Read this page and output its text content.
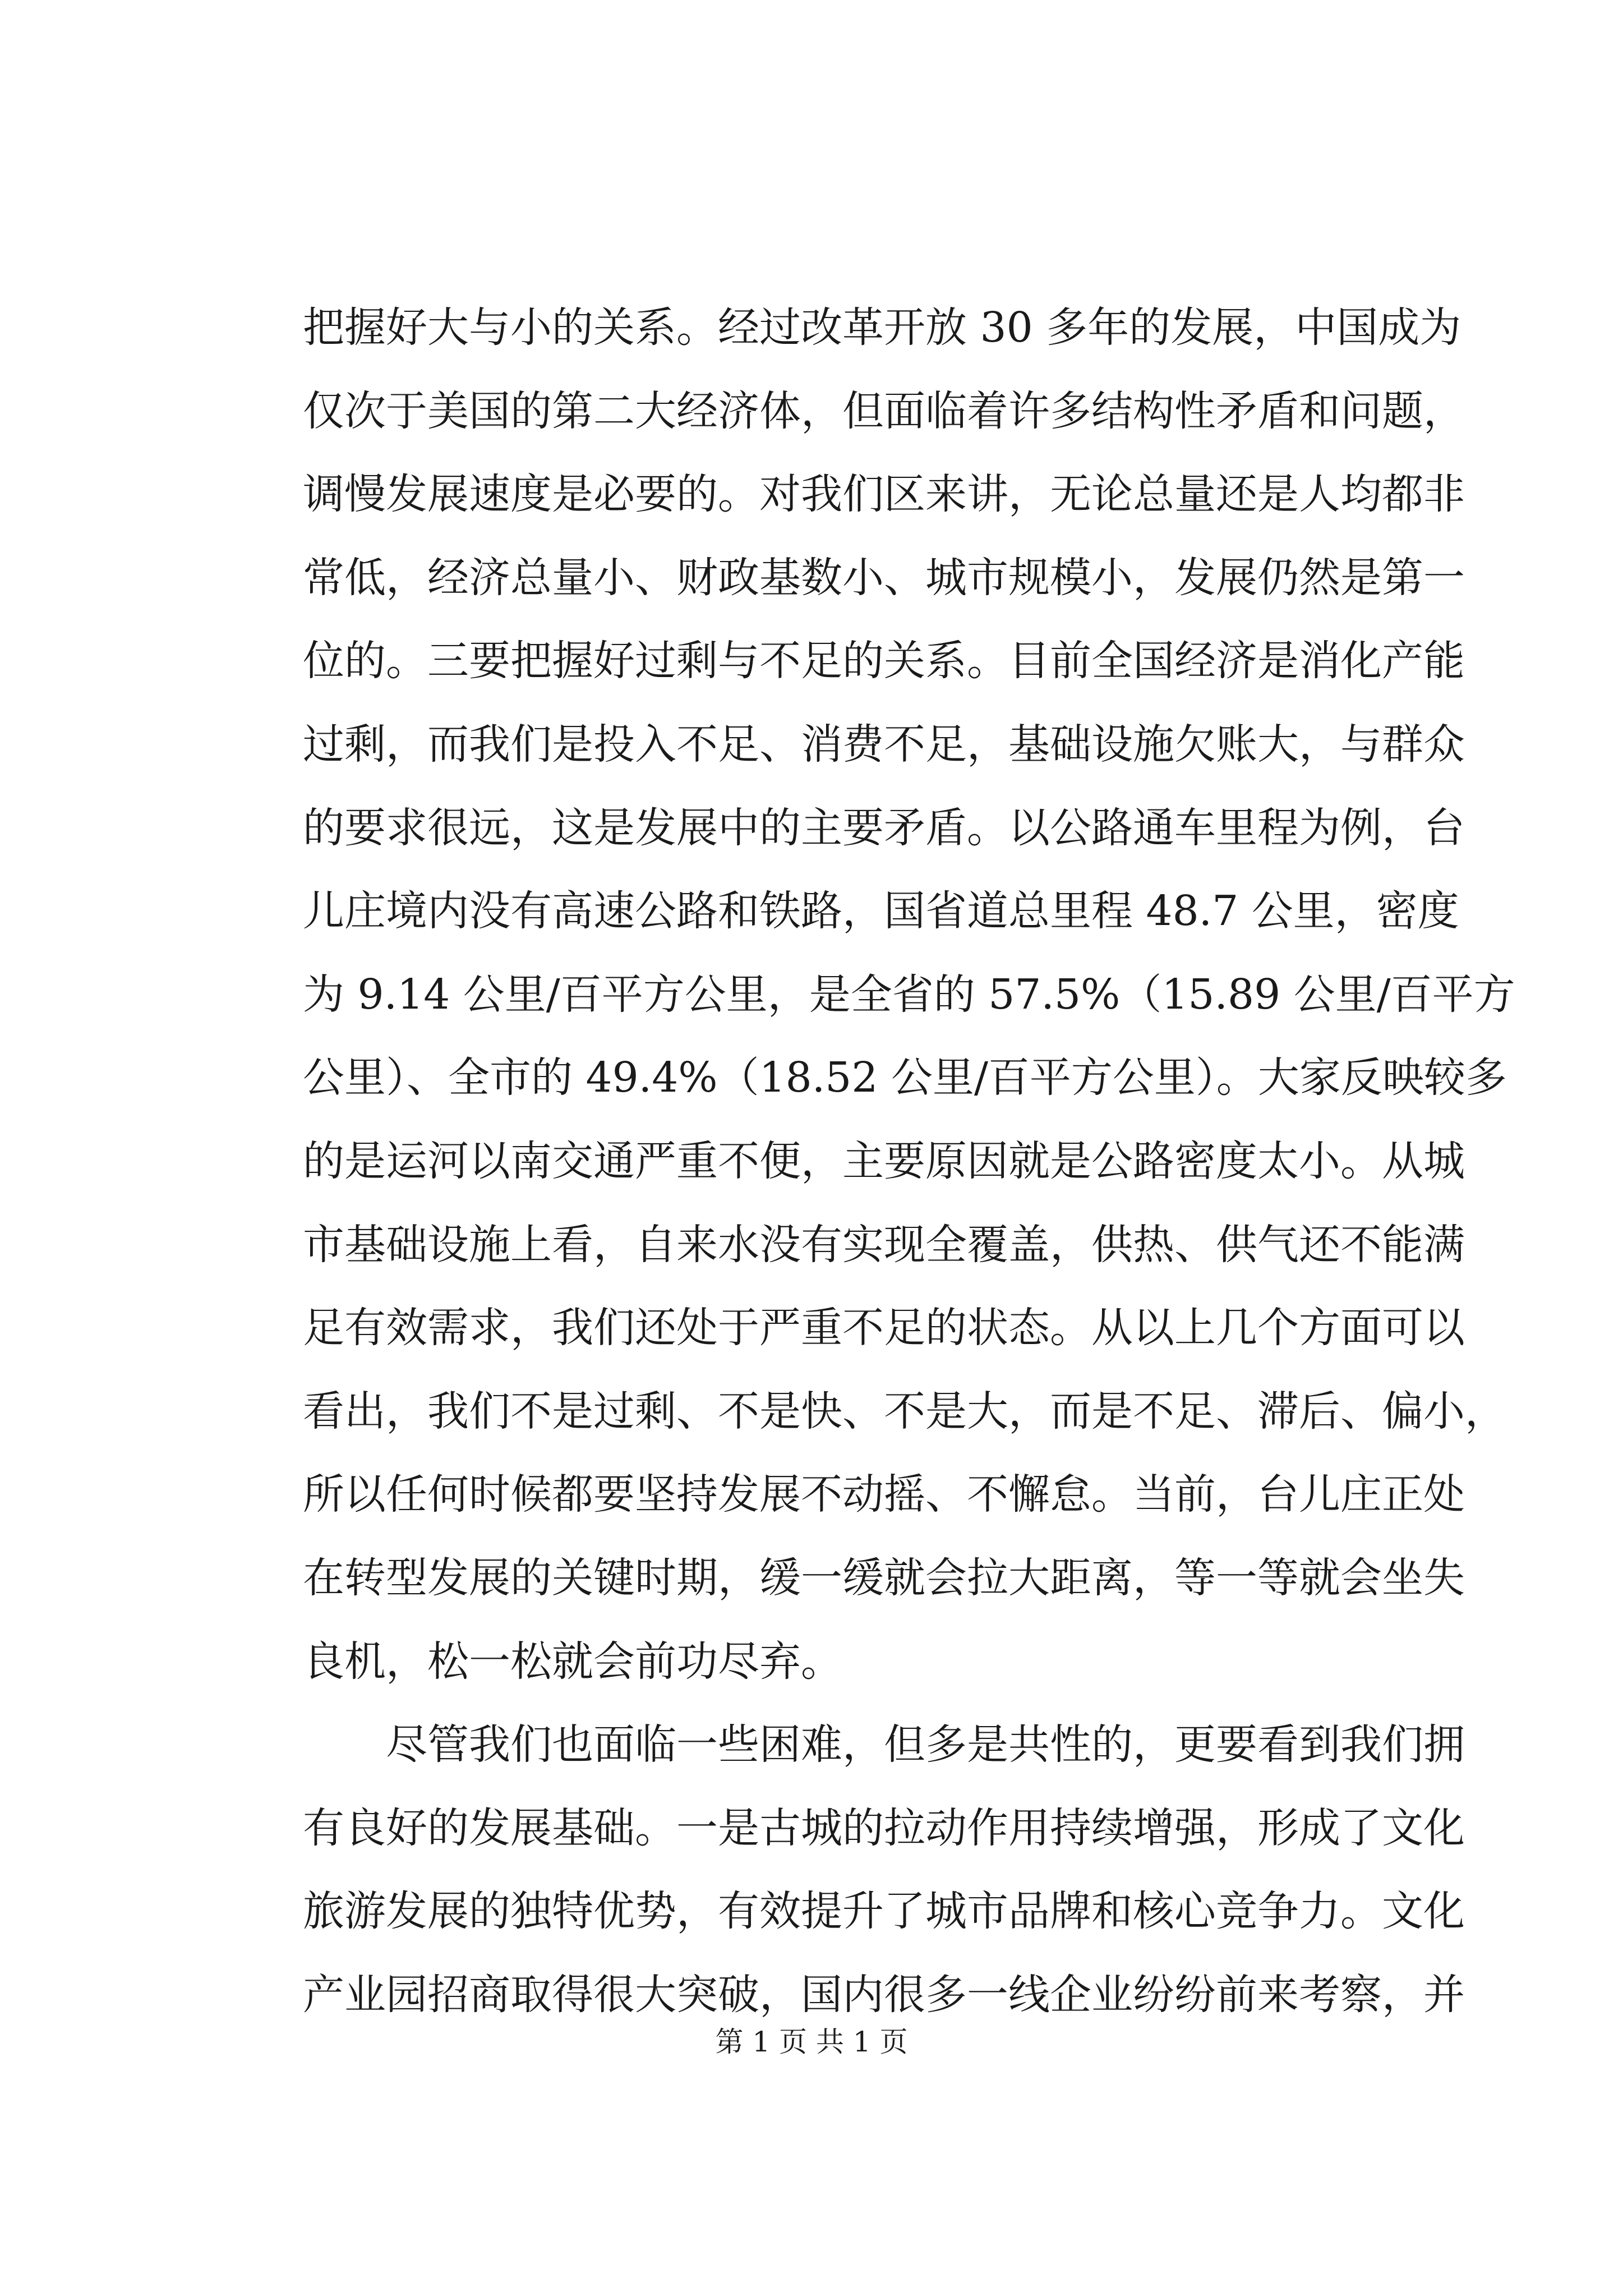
把握好大与小的关系。经过改革开放 30 多年的发展，中国成为
仅次于美国的第二大经济体，但面临着许多结构性矛盾和问题，
调慢发展速度是必要的。对我们区来讲，无论总量还是人均都非
常低，经济总量小、财政基数小、城市规模小，发展仍然是第一
位的。三要把握好过剩与不足的关系。目前全国经济是消化产能
过剩，而我们是投入不足、消费不足，基础设施欠账大，与群众
的要求很远，这是发展中的主要矛盾。以公路通车里程为例，台
儿庄境内没有高速公路和铁路，国省道总里程 48.7 公里，密度
为 9.14 公里/百平方公里，是全省的 57.5%（15.89 公里/百平方
公里）、全市的 49.4%（18.52 公里/百平方公里）。大家反映较多
的是运河以南交通严重不便，主要原因就是公路密度太小。从城
市基础设施上看，自来水没有实现全覆盖，供热、供气还不能满
足有效需求，我们还处于严重不足的状态。从以上几个方面可以
看出，我们不是过剩、不是快、不是大，而是不足、滞后、偏小，
所以任何时候都要坚持发展不动摇、不懈怠。当前，台儿庄正处
在转型发展的关键时期，缓一缓就会拉大距离，等一等就会坐失
良机，松一松就会前功尽弃。
尽管我们也面临一些困难，但多是共性的，更要看到我们拥
有良好的发展基础。一是古城的拉动作用持续增强，形成了文化
旅游发展的独特优势，有效提升了城市品牌和核心竞争力。文化
产业园招商取得很大突破，国内很多一线企业纷纷前来考察，并
第 1 页 共 1 页
